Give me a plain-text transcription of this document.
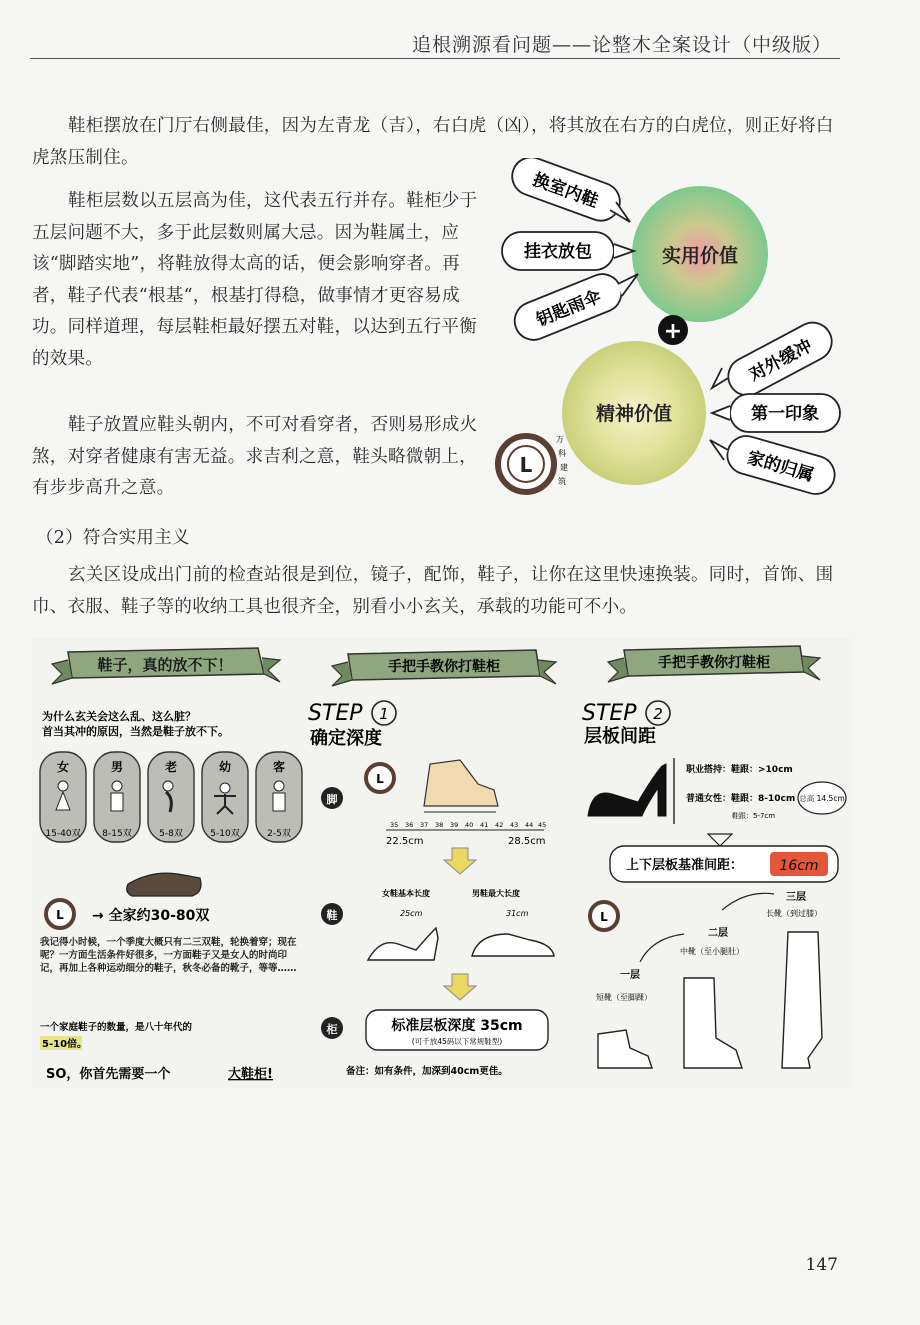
追根溯源看问题——论整木全案设计（中级版）
鞋柜摆放在门厅右侧最佳，因为左青龙（吉），右白虎（凶），将其放在右方的白虎位，则正好将白虎煞压制住。
鞋柜层数以五层高为佳，这代表五行并存。鞋柜少于五层问题不大，多于此层数则属大忌。因为鞋属土，应该“脚踏实地”，将鞋放得太高的话，便会影响穿者。再者，鞋子代表“根基“，根基打得稳，做事情才更容易成功。同样道理，每层鞋柜最好摆五对鞋，以达到五行平衡的效果。
鞋子放置应鞋头朝内，不可对看穿者，否则易形成火煞，对穿者健康有害无益。求吉利之意，鞋头略微朝上，有步步高升之意。
（2）符合实用主义
玄关区设成出门前的检查站很是到位，镜子，配饰，鞋子，让你在这里快速换装。同时，首饰、围巾、衣服、鞋子等的收纳工具也很齐全，别看小小玄关，承载的功能可不小。
实用价值
精神价值
+
换室内鞋
挂衣放包
钥匙雨伞
对外缓冲
第一印象
家的归属
L
万
科
建
筑
鞋子，真的放不下！
为什么玄关会这么乱、这么脏？
首当其冲的原因，当然是鞋子放不下。
女
15-40双
男
8-15双
老
5-8双
幼
5-10双
客
2-5双
L → 全家约30-80双
我记得小时候，一个季度大概只有二三双鞋，轮换着穿；现在呢？一方面生活条件好很多，一方面鞋子又是女人的时尚印记，再加上各种运动细分的鞋子，秋冬必备的靴子，等等……
一个家庭鞋子的数量，是八十年代的
5-10倍。
SO，你首先需要一个	大鞋柜!
手把手教你打鞋柜
STEP 1
确定深度
脚
鞋
柜
L
35 36 37 38 39 40 41 42 43 44 45
22.5cm	28.5cm
女鞋基本长度
25cm
男鞋最大长度
31cm
标准层板深度 35cm
(可千放45码以下常规鞋型)
备注：如有条件，加深到40cm更佳。
手把手教你打鞋柜
STEP 2
层板间距
职业搭持：鞋跟：>10cm
普通女性：鞋跟：8-10cm
鞋跟：5-7cm
总高 14.5cm
上下层板基准间距：	16cm
L
一层
短靴（至脚踝）
二层
中靴（至小腿肚）
三层
长靴（到过膝）
147
